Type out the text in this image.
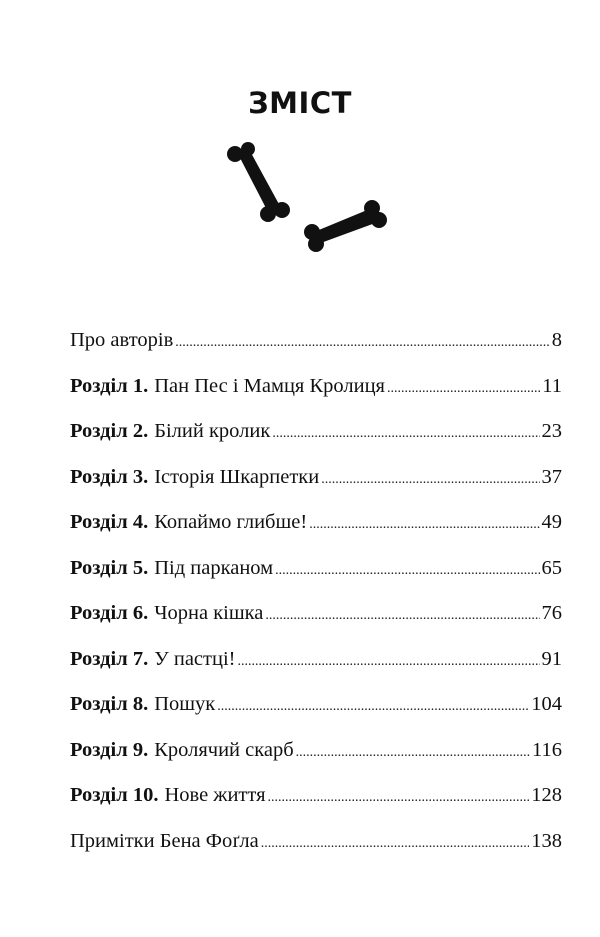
ЗМІСТ
Про авторів .....	8
Розділ 1. Пан Пес і Мамця Кролиця .....	11
Розділ 2. Білий кролик .....	23
Розділ 3. Історія Шкарпетки .....	37
Розділ 4. Копаймо глибше! .....	49
Розділ 5. Під парканом .....	65
Розділ 6. Чорна кішка .....	76
Розділ 7. У пастці! .....	91
Розділ 8. Пошук .....	104
Розділ 9. Кролячий скарб .....	116
Розділ 10. Нове життя .....	128
Примітки Бена Фоґла .....	138
